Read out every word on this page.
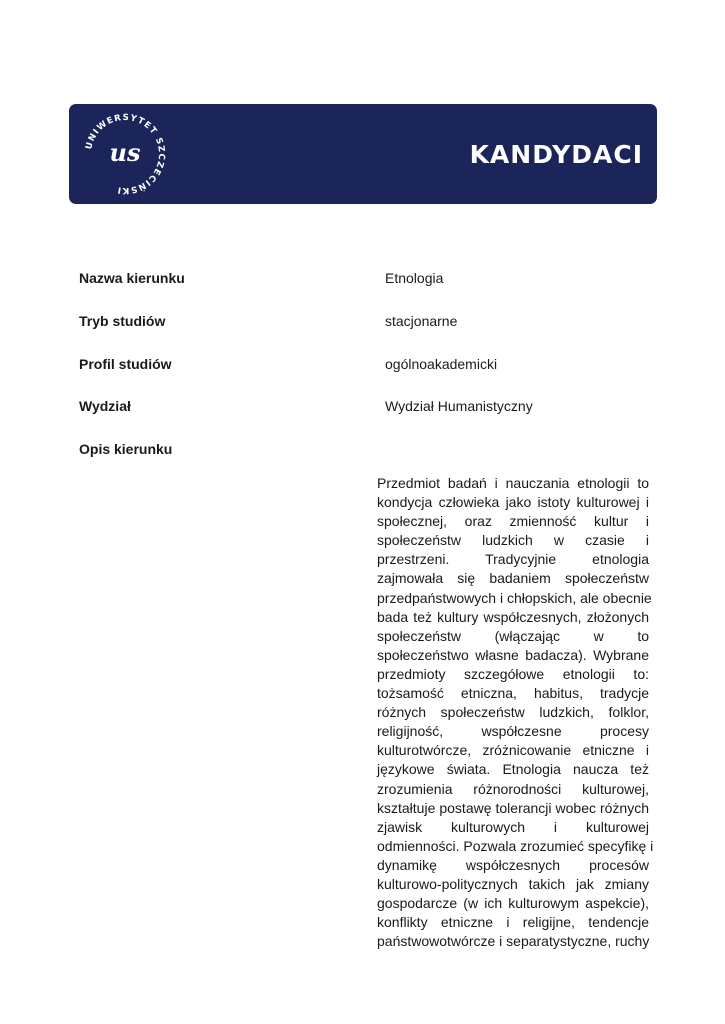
UNIWERSYTET SZCZECIŃSKI
us	KANDYDACI
Nazwa kierunku	Etnologia
Tryb studiów	stacjonarne
Profil studiów	ogólnoakademicki
Wydział	Wydział Humanistyczny
Opis kierunku
Przedmiot badań i nauczania etnologii to
kondycja człowieka jako istoty kulturowej i
społecznej, oraz zmienność kultur i
społeczeństw ludzkich w czasie i
przestrzeni. Tradycyjnie etnologia
zajmowała się badaniem społeczeństw
przedpaństwowych i chłopskich, ale obecnie
bada też kultury współczesnych, złożonych
społeczeństw (włączając w to
społeczeństwo własne badacza). Wybrane
przedmioty szczegółowe etnologii to:
tożsamość etniczna, habitus, tradycje
różnych społeczeństw ludzkich, folklor,
religijność, współczesne procesy
kulturotwórcze, zróżnicowanie etniczne i
językowe świata. Etnologia naucza też
zrozumienia różnorodności kulturowej,
kształtuje postawę tolerancji wobec różnych
zjawisk kulturowych i kulturowej
odmienności. Pozwala zrozumieć specyfikę i
dynamikę współczesnych procesów
kulturowo-politycznych takich jak zmiany
gospodarcze (w ich kulturowym aspekcie),
konflikty etniczne i religijne, tendencje
państwowotwórcze i separatystyczne, ruchy
